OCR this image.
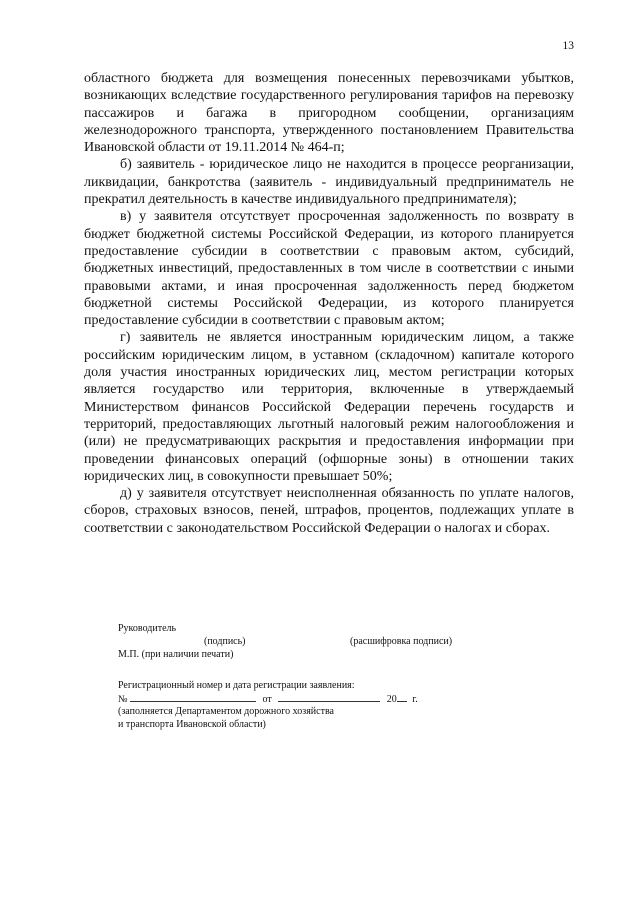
13

областного бюджета для возмещения понесенных перевозчиками убытков, возникающих вследствие государственного регулирования тарифов на перевозку пассажиров и багажа в пригородном сообщении, организациям железнодорожного транспорта, утвержденного постановлением Правительства Ивановской области от 19.11.2014 № 464-п;

б) заявитель - юридическое лицо не находится в процессе реорганизации, ликвидации, банкротства (заявитель - индивидуальный предприниматель не прекратил деятельность в качестве индивидуального предпринимателя);

в) у заявителя отсутствует просроченная задолженность по возврату в бюджет бюджетной системы Российской Федерации, из которого планируется предоставление субсидии в соответствии с правовым актом, субсидий, бюджетных инвестиций, предоставленных в том числе в соответствии с иными правовыми актами, и иная просроченная задолженность перед бюджетом бюджетной системы Российской Федерации, из которого планируется предоставление субсидии в соответствии с правовым актом;

г) заявитель не является иностранным юридическим лицом, а также российским юридическим лицом, в уставном (складочном) капитале которого доля участия иностранных юридических лиц, местом регистрации которых является государство или территория, включенные в утверждаемый Министерством финансов Российской Федерации перечень государств и территорий, предоставляющих льготный налоговый режим налогообложения и (или) не предусматривающих раскрытия и предоставления информации при проведении финансовых операций (офшорные зоны) в отношении таких юридических лиц, в совокупности превышает 50%;

д) у заявителя отсутствует неисполненная обязанность по уплате налогов, сборов, страховых взносов, пеней, штрафов, процентов, подлежащих уплате в соответствии с законодательством Российской Федерации о налогах и сборах.

Руководитель
(подпись)	(расшифровка подписи)
М.П. (при наличии печати)
Регистрационный номер и дата регистрации заявления:
№	от	20 г.
(заполняется Департаментом дорожного хозяйства
и транспорта Ивановской области)
